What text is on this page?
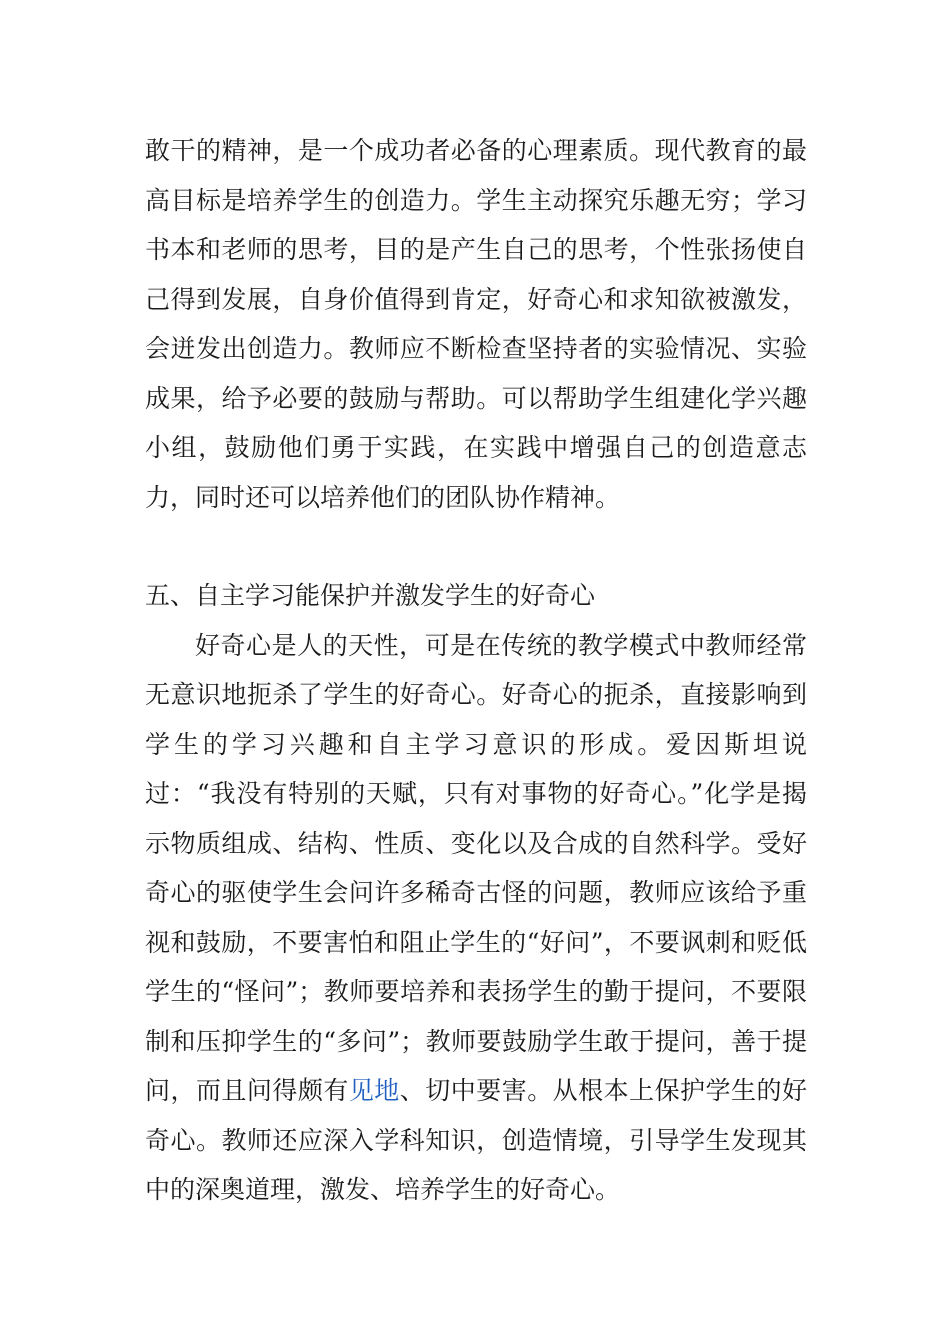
敢干的精神，是一个成功者必备的心理素质。现代教育的最高目标是培养学生的创造力。学生主动探究乐趣无穷；学习书本和老师的思考，目的是产生自己的思考，个性张扬使自己得到发展，自身价值得到肯定，好奇心和求知欲被激发，会迸发出创造力。教师应不断检查坚持者的实验情况、实验成果，给予必要的鼓励与帮助。可以帮助学生组建化学兴趣小组，鼓励他们勇于实践，在实践中增强自己的创造意志力，同时还可以培养他们的团队协作精神。

五、自主学习能保护并激发学生的好奇心

好奇心是人的天性，可是在传统的教学模式中教师经常无意识地扼杀了学生的好奇心。好奇心的扼杀，直接影响到学生的学习兴趣和自主学习意识的形成。爱因斯坦说过：“我没有特别的天赋，只有对事物的好奇心。”化学是揭示物质组成、结构、性质、变化以及合成的自然科学。受好奇心的驱使学生会问许多稀奇古怪的问题，教师应该给予重视和鼓励，不要害怕和阻止学生的“好问”，不要讽刺和贬低学生的“怪问”；教师要培养和表扬学生的勤于提问，不要限制和压抑学生的“多问”；教师要鼓励学生敢于提问，善于提问，而且问得颇有见地、切中要害。从根本上保护学生的好奇心。教师还应深入学科知识，创造情境，引导学生发现其中的深奥道理，激发、培养学生的好奇心。
